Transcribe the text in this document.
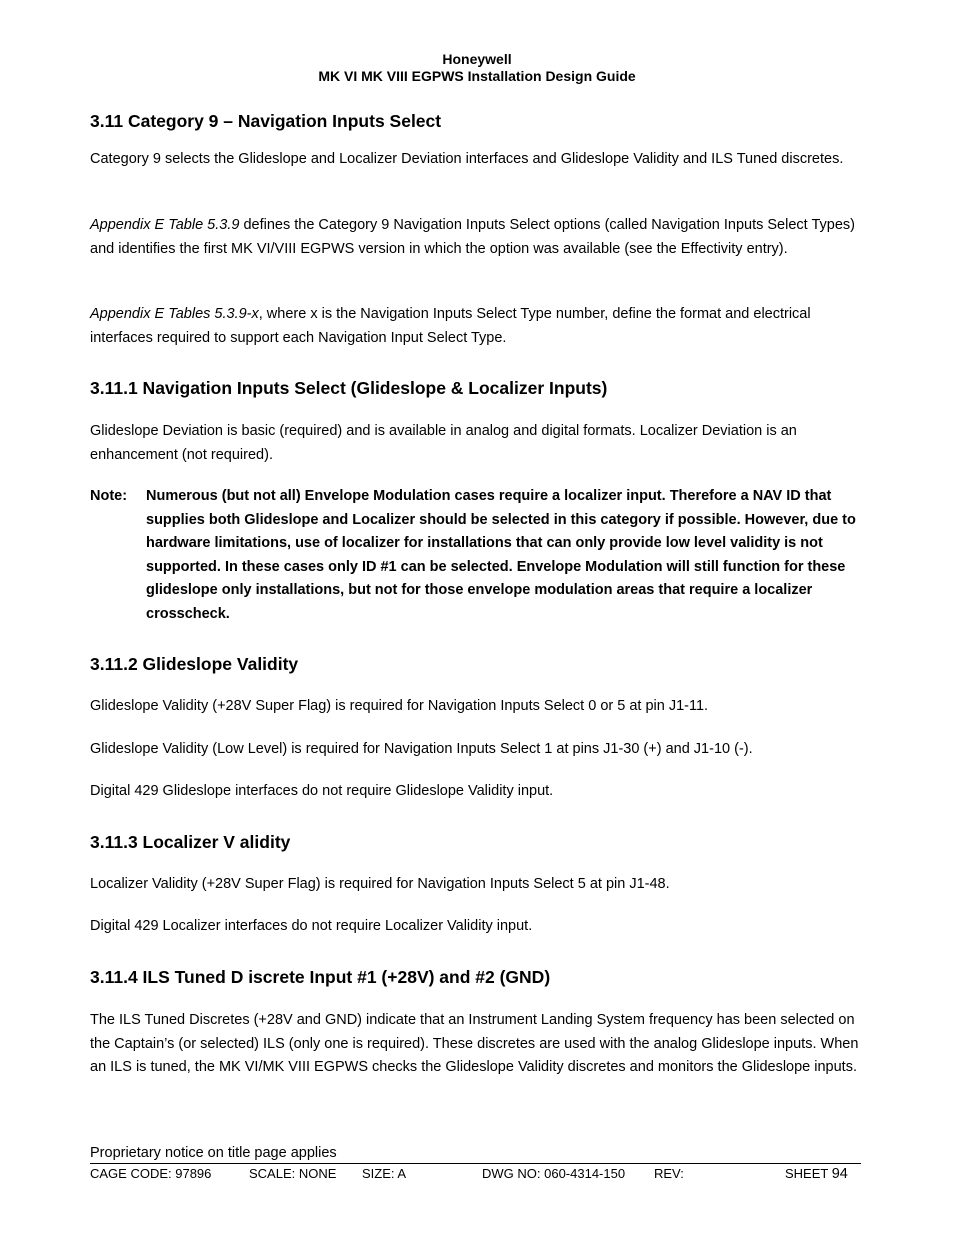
Honeywell
MK VI MK VIII EGPWS Installation Design Guide
3.11 Category 9 – Navigation Inputs Select

Category 9 selects the Glideslope and Localizer Deviation interfaces and Glideslope Validity and ILS Tuned discretes.

Appendix E Table 5.3.9 defines the Category 9 Navigation Inputs Select options (called Navigation Inputs Select Types) and identifies the first MK VI/VIII EGPWS version in which the option was available (see the Effectivity entry).

Appendix E Tables 5.3.9-x, where x is the Navigation Inputs Select Type number, define the format and electrical interfaces required to support each Navigation Input Select Type.

3.11.1 Navigation Inputs Select (Glideslope & Localizer Inputs)

Glideslope Deviation is basic (required) and is available in analog and digital formats. Localizer Deviation is an enhancement (not required).

Note: Numerous (but not all) Envelope Modulation cases require a localizer input. Therefore a NAV ID that supplies both Glideslope and Localizer should be selected in this category if possible. However, due to hardware limitations, use of localizer for installations that can only provide low level validity is not supported. In these cases only ID #1 can be selected. Envelope Modulation will still function for these glideslope only installations, but not for those envelope modulation areas that require a localizer crosscheck.
3.11.2 Glideslope Validity

Glideslope Validity (+28V Super Flag) is required for Navigation Inputs Select 0 or 5 at pin J1-11.

Glideslope Validity (Low Level) is required for Navigation Inputs Select 1 at pins J1-30 (+) and J1-10 (-).

Digital 429 Glideslope interfaces do not require Glideslope Validity input.

3.11.3 Localizer V alidity

Localizer Validity (+28V Super Flag) is required for Navigation Inputs Select 5 at pin J1-48.

Digital 429 Localizer interfaces do not require Localizer Validity input.

3.11.4 ILS Tuned D iscrete Input #1 (+28V) and #2 (GND)

The ILS Tuned Discretes (+28V and GND) indicate that an Instrument Landing System frequency has been selected on the Captain’s (or selected) ILS (only one is required). These discretes are used with the analog Glideslope inputs. When an ILS is tuned, the MK VI/MK VIII EGPWS checks the Glideslope Validity discretes and monitors the Glideslope inputs.

Proprietary notice on title page applies
CAGE CODE: 97896	SCALE: NONE SIZE: A	DWG NO: 060-4314-150 REV:	SHEET 94
